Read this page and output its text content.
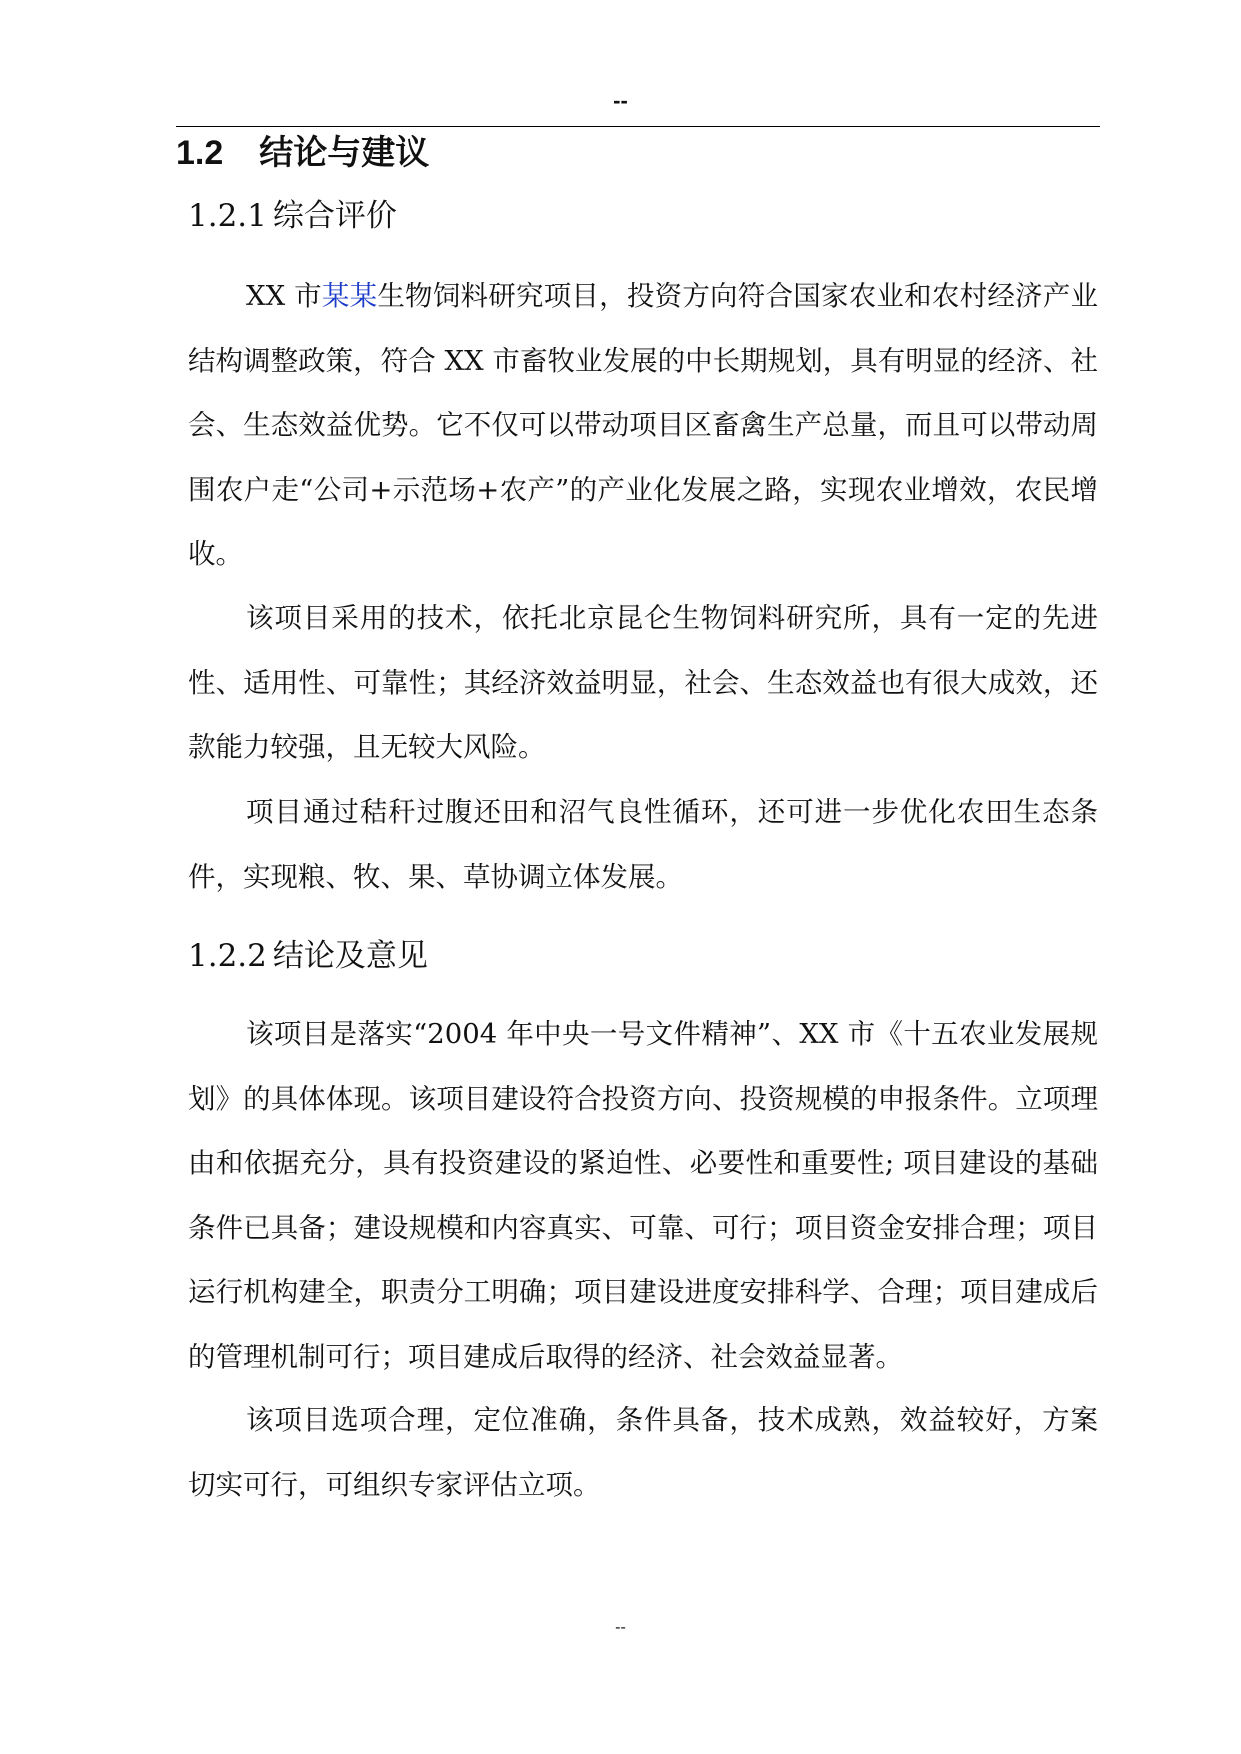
--
1.2 结论与建议
1.2.1 综合评价

XX 市某某生物饲料研究项目，投资方向符合国家农业和农村经济产业结构调整政策，符合 XX 市畜牧业发展的中长期规划，具有明显的经济、社会、生态效益优势。它不仅可以带动项目区畜禽生产总量，而且可以带动周围农户走“公司+示范场+农产”的产业化发展之路，实现农业增效，农民增收。

该项目采用的技术，依托北京昆仑生物饲料研究所，具有一定的先进性、适用性、可靠性；其经济效益明显，社会、生态效益也有很大成效，还款能力较强，且无较大风险。

项目通过秸秆过腹还田和沼气良性循环，还可进一步优化农田生态条件，实现粮、牧、果、草协调立体发展。

1.2.2 结论及意见

该项目是落实“2004 年中央一号文件精神”、XX 市《十五农业发展规划》的具体体现。该项目建设符合投资方向、投资规模的申报条件。立项理由和依据充分，具有投资建设的紧迫性、必要性和重要性; 项目建设的基础条件已具备；建设规模和内容真实、可靠、可行；项目资金安排合理；项目运行机构建全，职责分工明确；项目建设进度安排科学、合理；项目建成后的管理机制可行；项目建成后取得的经济、社会效益显著。

该项目选项合理，定位准确，条件具备，技术成熟，效益较好，方案切实可行，可组织专家评估立项。

--
